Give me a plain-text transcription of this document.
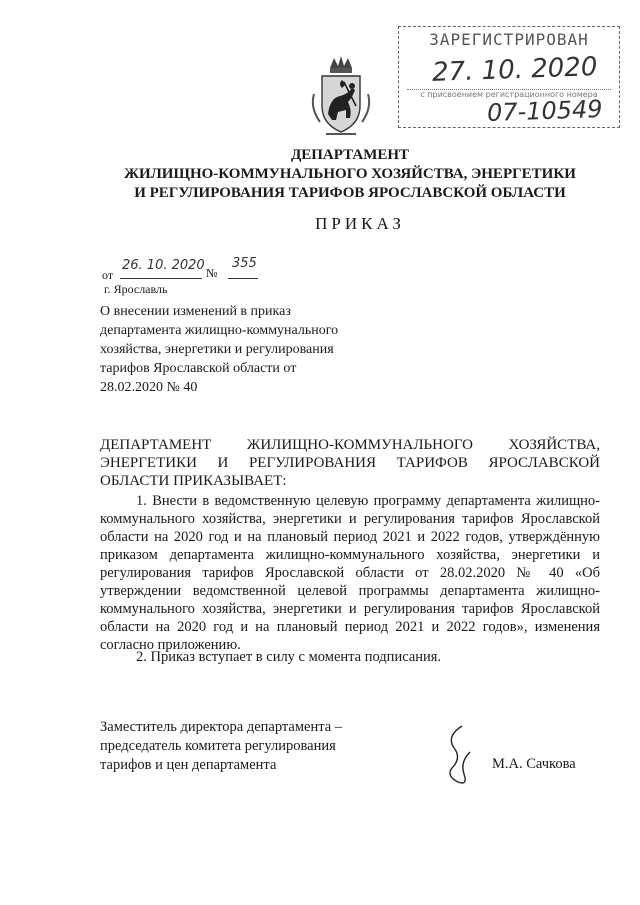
ЗАРЕГИСТРИРОВАН
27. 10. 2020
с присвоением регистрационного номера
07-10549
ДЕПАРТАМЕНТ
ЖИЛИЩНО-КОММУНАЛЬНОГО ХОЗЯЙСТВА, ЭНЕРГЕТИКИ
И РЕГУЛИРОВАНИЯ ТАРИФОВ ЯРОСЛАВСКОЙ ОБЛАСТИ
ПРИКАЗ
от
26. 10. 2020 №
355
г. Ярославль
О внесении изменений в приказ департамента жилищно-коммунального хозяйства, энергетики и регулирования тарифов Ярославской области от 28.02.2020 № 40
ДЕПАРТАМЕНТ ЖИЛИЩНО-КОММУНАЛЬНОГО ХОЗЯЙСТВА, ЭНЕРГЕТИКИ И РЕГУЛИРОВАНИЯ ТАРИФОВ ЯРОСЛАВСКОЙ ОБЛАСТИ ПРИКАЗЫВАЕТ:
1. Внести в ведомственную целевую программу департамента жилищно-коммунального хозяйства, энергетики и регулирования тарифов Ярославской области на 2020 год и на плановый период 2021 и 2022 годов, утверждённую приказом департамента жилищно-коммунального хозяйства, энергетики и регулирования тарифов Ярославской области от 28.02.2020 № 40 «Об утверждении ведомственной целевой программы департамента жилищно-коммунального хозяйства, энергетики и регулирования тарифов Ярославской области на 2020 год и на плановый период 2021 и 2022 годов», изменения согласно приложению.
2. Приказ вступает в силу с момента подписания.
Заместитель директора департамента –
председатель комитета регулирования
тарифов и цен департамента	М.А. Сачкова
